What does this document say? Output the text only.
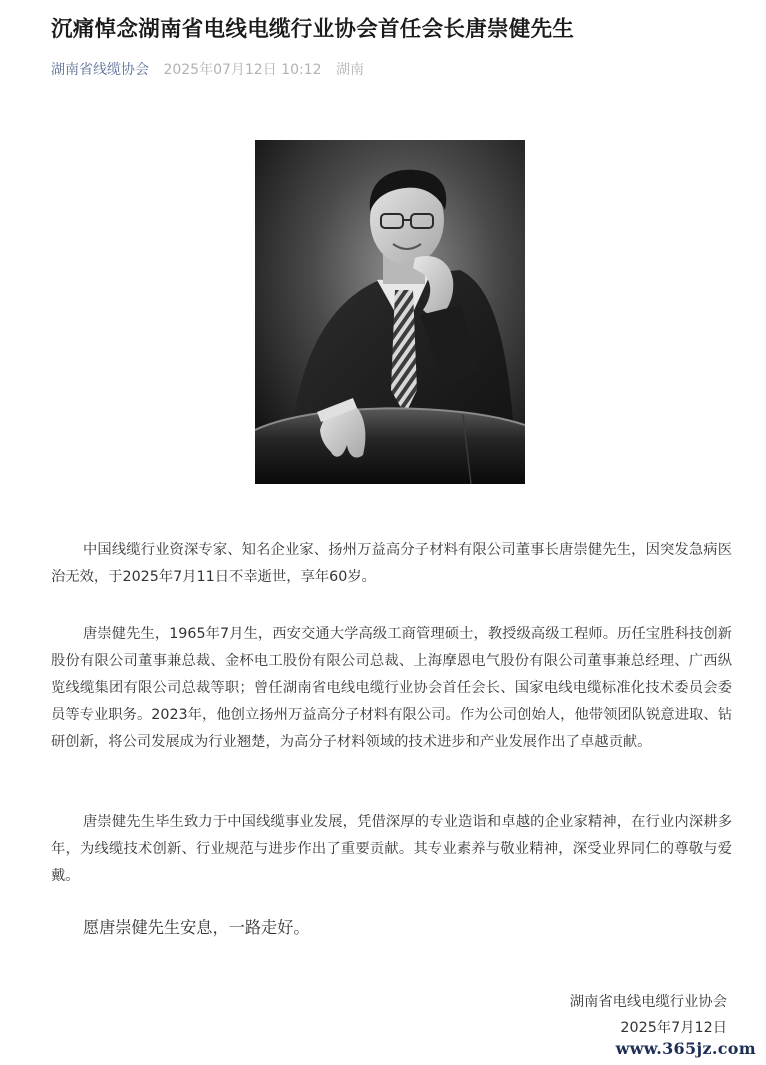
沉痛悼念湖南省电线电缆行业协会首任会长唐崇健先生
湖南省线缆协会 2025年07月12日 10:12 湖南

中国线缆行业资深专家、知名企业家、扬州万益高分子材料有限公司董事长唐崇健先生，因突发急病医治无效，于2025年7月11日不幸逝世，享年60岁。

唐崇健先生，1965年7月生，西安交通大学高级工商管理硕士，教授级高级工程师。历任宝胜科技创新股份有限公司董事兼总裁、金杯电工股份有限公司总裁、上海摩恩电气股份有限公司董事兼总经理、广西纵览线缆集团有限公司总裁等职；曾任湖南省电线电缆行业协会首任会长、国家电线电缆标准化技术委员会委员等专业职务。2023年，他创立扬州万益高分子材料有限公司。作为公司创始人，他带领团队锐意进取、钻研创新，将公司发展成为行业翘楚，为高分子材料领域的技术进步和产业发展作出了卓越贡献。

唐崇健先生毕生致力于中国线缆事业发展，凭借深厚的专业造诣和卓越的企业家精神，在行业内深耕多年，为线缆技术创新、行业规范与进步作出了重要贡献。其专业素养与敬业精神，深受业界同仁的尊敬与爱戴。

愿唐崇健先生安息，一路走好。

湖南省电线电缆行业协会
2025年7月12日
www.365jz.com
